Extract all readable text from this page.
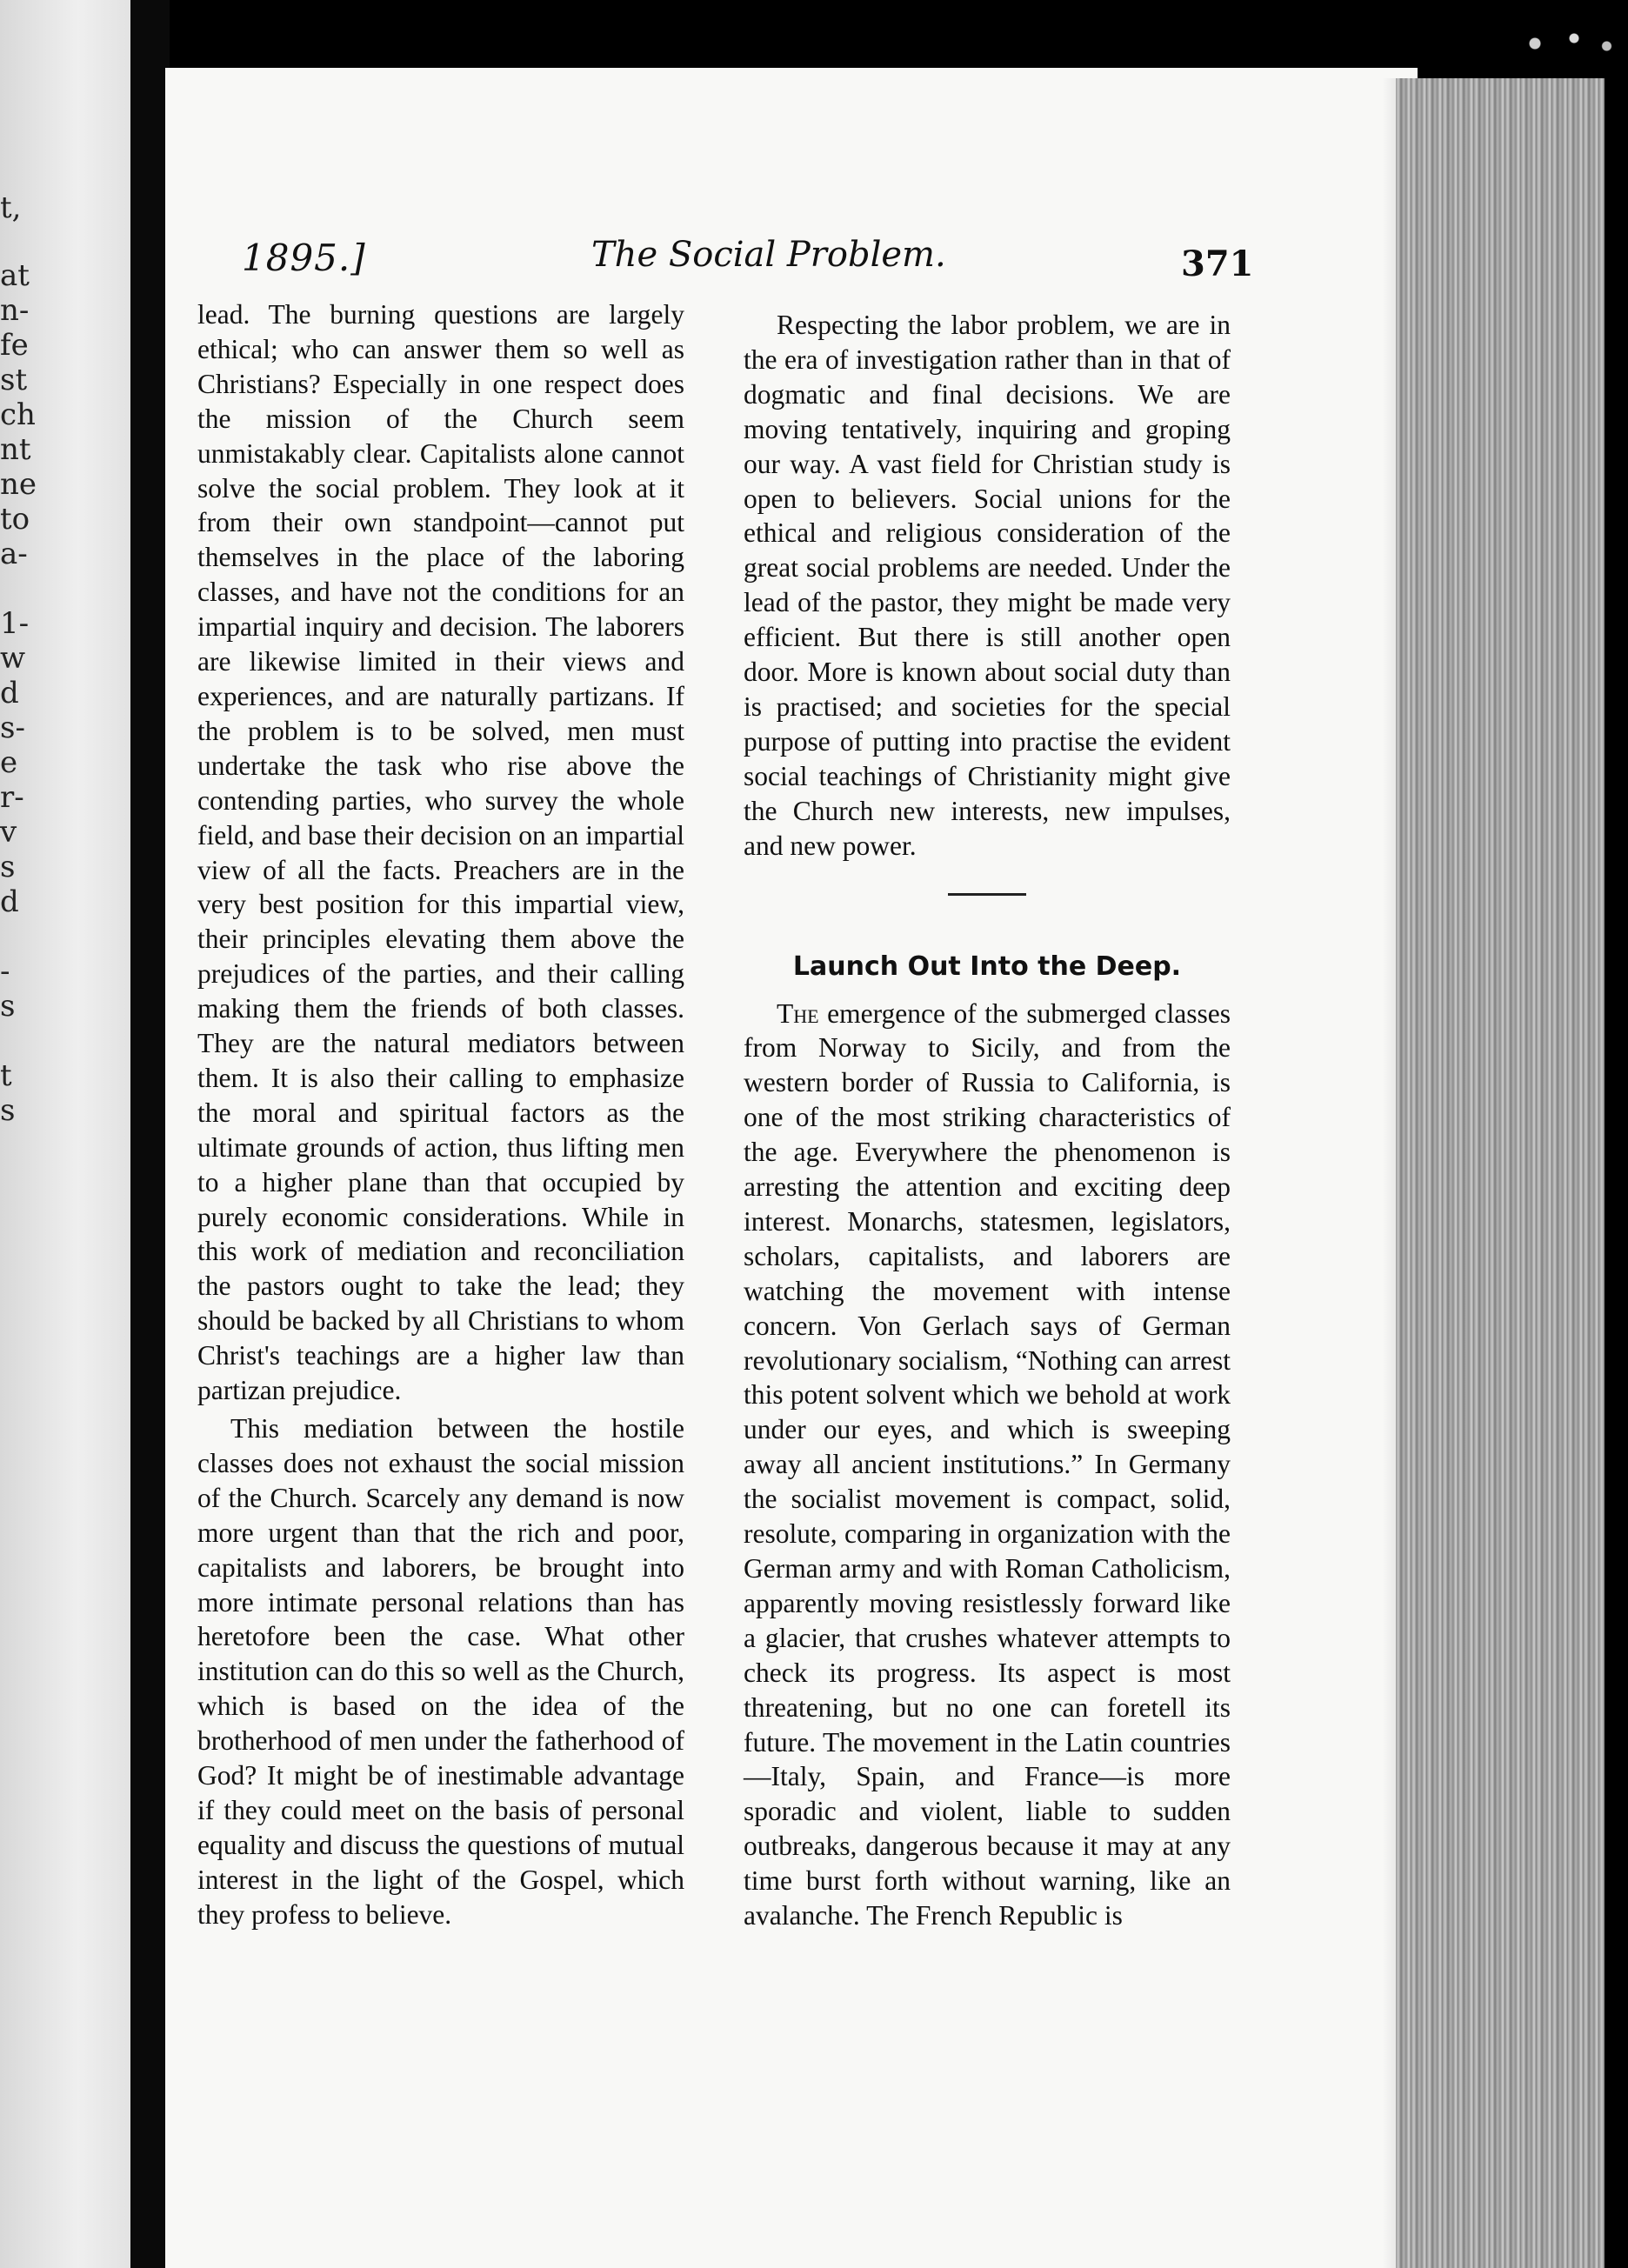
t,
at
n-
fe
st
ch
nt
ne
to
a-
1-
w
d
s-
e
r-
v
s
d
-
s
t
s
1895.]	The Social Problem.	371

lead. The burning questions are largely ethical; who can answer them so well as Christians? Especially in one respect does the mission of the Church seem unmistakably clear. Capitalists alone cannot solve the social problem. They look at it from their own standpoint—cannot put themselves in the place of the laboring classes, and have not the conditions for an impartial inquiry and decision. The laborers are likewise limited in their views and experiences, and are naturally partizans. If the problem is to be solved, men must undertake the task who rise above the contending parties, who survey the whole field, and base their decision on an impartial view of all the facts. Preachers are in the very best position for this impartial view, their principles elevating them above the prejudices of the parties, and their calling making them the friends of both classes. They are the natural mediators between them. It is also their calling to emphasize the moral and spiritual factors as the ultimate grounds of action, thus lifting men to a higher plane than that occupied by purely economic considerations. While in this work of mediation and reconciliation the pastors ought to take the lead; they should be backed by all Christians to whom Christ's teachings are a higher law than partizan prejudice.

This mediation between the hostile classes does not exhaust the social mission of the Church. Scarcely any demand is now more urgent than that the rich and poor, capitalists and laborers, be brought into more intimate personal relations than has heretofore been the case. What other institution can do this so well as the Church, which is based on the idea of the brotherhood of men under the fatherhood of God? It might be of inestimable advantage if they could meet on the basis of personal equality and discuss the questions of mutual interest in the light of the Gospel, which they profess to believe.

Respecting the labor problem, we are in the era of investigation rather than in that of dogmatic and final decisions. We are moving tentatively, inquiring and groping our way. A vast field for Christian study is open to believers. Social unions for the ethical and religious consideration of the great social problems are needed. Under the lead of the pastor, they might be made very efficient. But there is still another open door. More is known about social duty than is practised; and societies for the special purpose of putting into practise the evident social teachings of Christianity might give the Church new interests, new impulses, and new power.

Launch Out Into the Deep.

The emergence of the submerged classes from Norway to Sicily, and from the western border of Russia to California, is one of the most striking characteristics of the age. Everywhere the phenomenon is arresting the attention and exciting deep interest. Monarchs, statesmen, legislators, scholars, capitalists, and laborers are watching the movement with intense concern. Von Gerlach says of German revolutionary socialism, “Nothing can arrest this potent solvent which we behold at work under our eyes, and which is sweeping away all ancient institutions.” In Germany the socialist movement is compact, solid, resolute, comparing in organization with the German army and with Roman Catholicism, apparently moving resistlessly forward like a glacier, that crushes whatever attempts to check its progress. Its aspect is most threatening, but no one can foretell its future. The movement in the Latin countries—Italy, Spain, and France—is more sporadic and violent, liable to sudden outbreaks, dangerous because it may at any time burst forth without warning, like an avalanche. The French Republic is
